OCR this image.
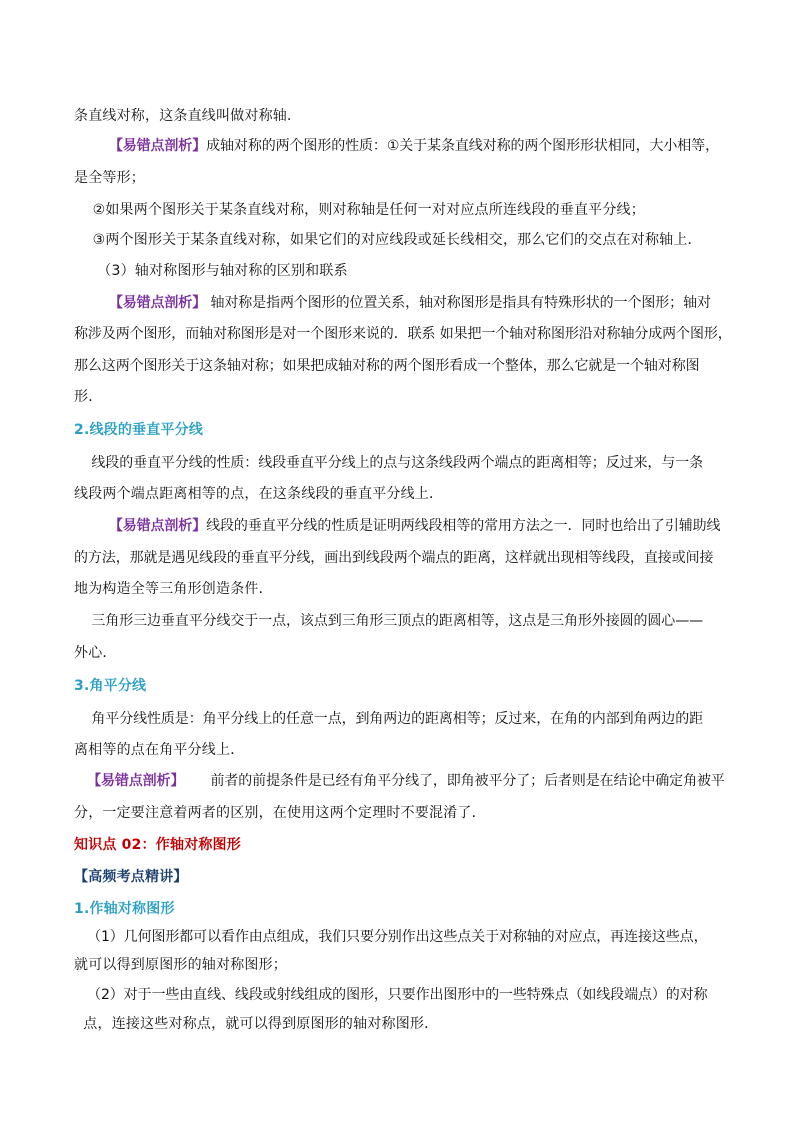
条直线对称，这条直线叫做对称轴．
【易错点剖析】成轴对称的两个图形的性质：①关于某条直线对称的两个图形形状相同，大小相等，
是全等形；
②如果两个图形关于某条直线对称，则对称轴是任何一对对应点所连线段的垂直平分线；
③两个图形关于某条直线对称，如果它们的对应线段或延长线相交，那么它们的交点在对称轴上．
（3）轴对称图形与轴对称的区别和联系
【易错点剖析】 轴对称是指两个图形的位置关系，轴对称图形是指具有特殊形状的一个图形；轴对
称涉及两个图形，而轴对称图形是对一个图形来说的．联系 如果把一个轴对称图形沿对称轴分成两个图形，
那么这两个图形关于这条轴对称；如果把成轴对称的两个图形看成一个整体，那么它就是一个轴对称图
形．
2.线段的垂直平分线
线段的垂直平分线的性质：线段垂直平分线上的点与这条线段两个端点的距离相等；反过来，与一条
线段两个端点距离相等的点，在这条线段的垂直平分线上．
【易错点剖析】线段的垂直平分线的性质是证明两线段相等的常用方法之一．同时也给出了引辅助线
的方法，那就是遇见线段的垂直平分线，画出到线段两个端点的距离，这样就出现相等线段，直接或间接
地为构造全等三角形创造条件．
三角形三边垂直平分线交于一点，该点到三角形三顶点的距离相等，这点是三角形外接圆的圆心——
外心．
3.角平分线
角平分线性质是：角平分线上的任意一点，到角两边的距离相等；反过来，在角的内部到角两边的距
离相等的点在角平分线上．
【易错点剖析】      前者的前提条件是已经有角平分线了，即角被平分了；后者则是在结论中确定角被平
分，一定要注意着两者的区别，在使用这两个定理时不要混淆了．
知识点 02：作轴对称图形
【高频考点精讲】
1.作轴对称图形
（1）几何图形都可以看作由点组成，我们只要分别作出这些点关于对称轴的对应点，再连接这些点，
就可以得到原图形的轴对称图形；
（2）对于一些由直线、线段或射线组成的图形，只要作出图形中的一些特殊点（如线段端点）的对称
点，连接这些对称点，就可以得到原图形的轴对称图形．
